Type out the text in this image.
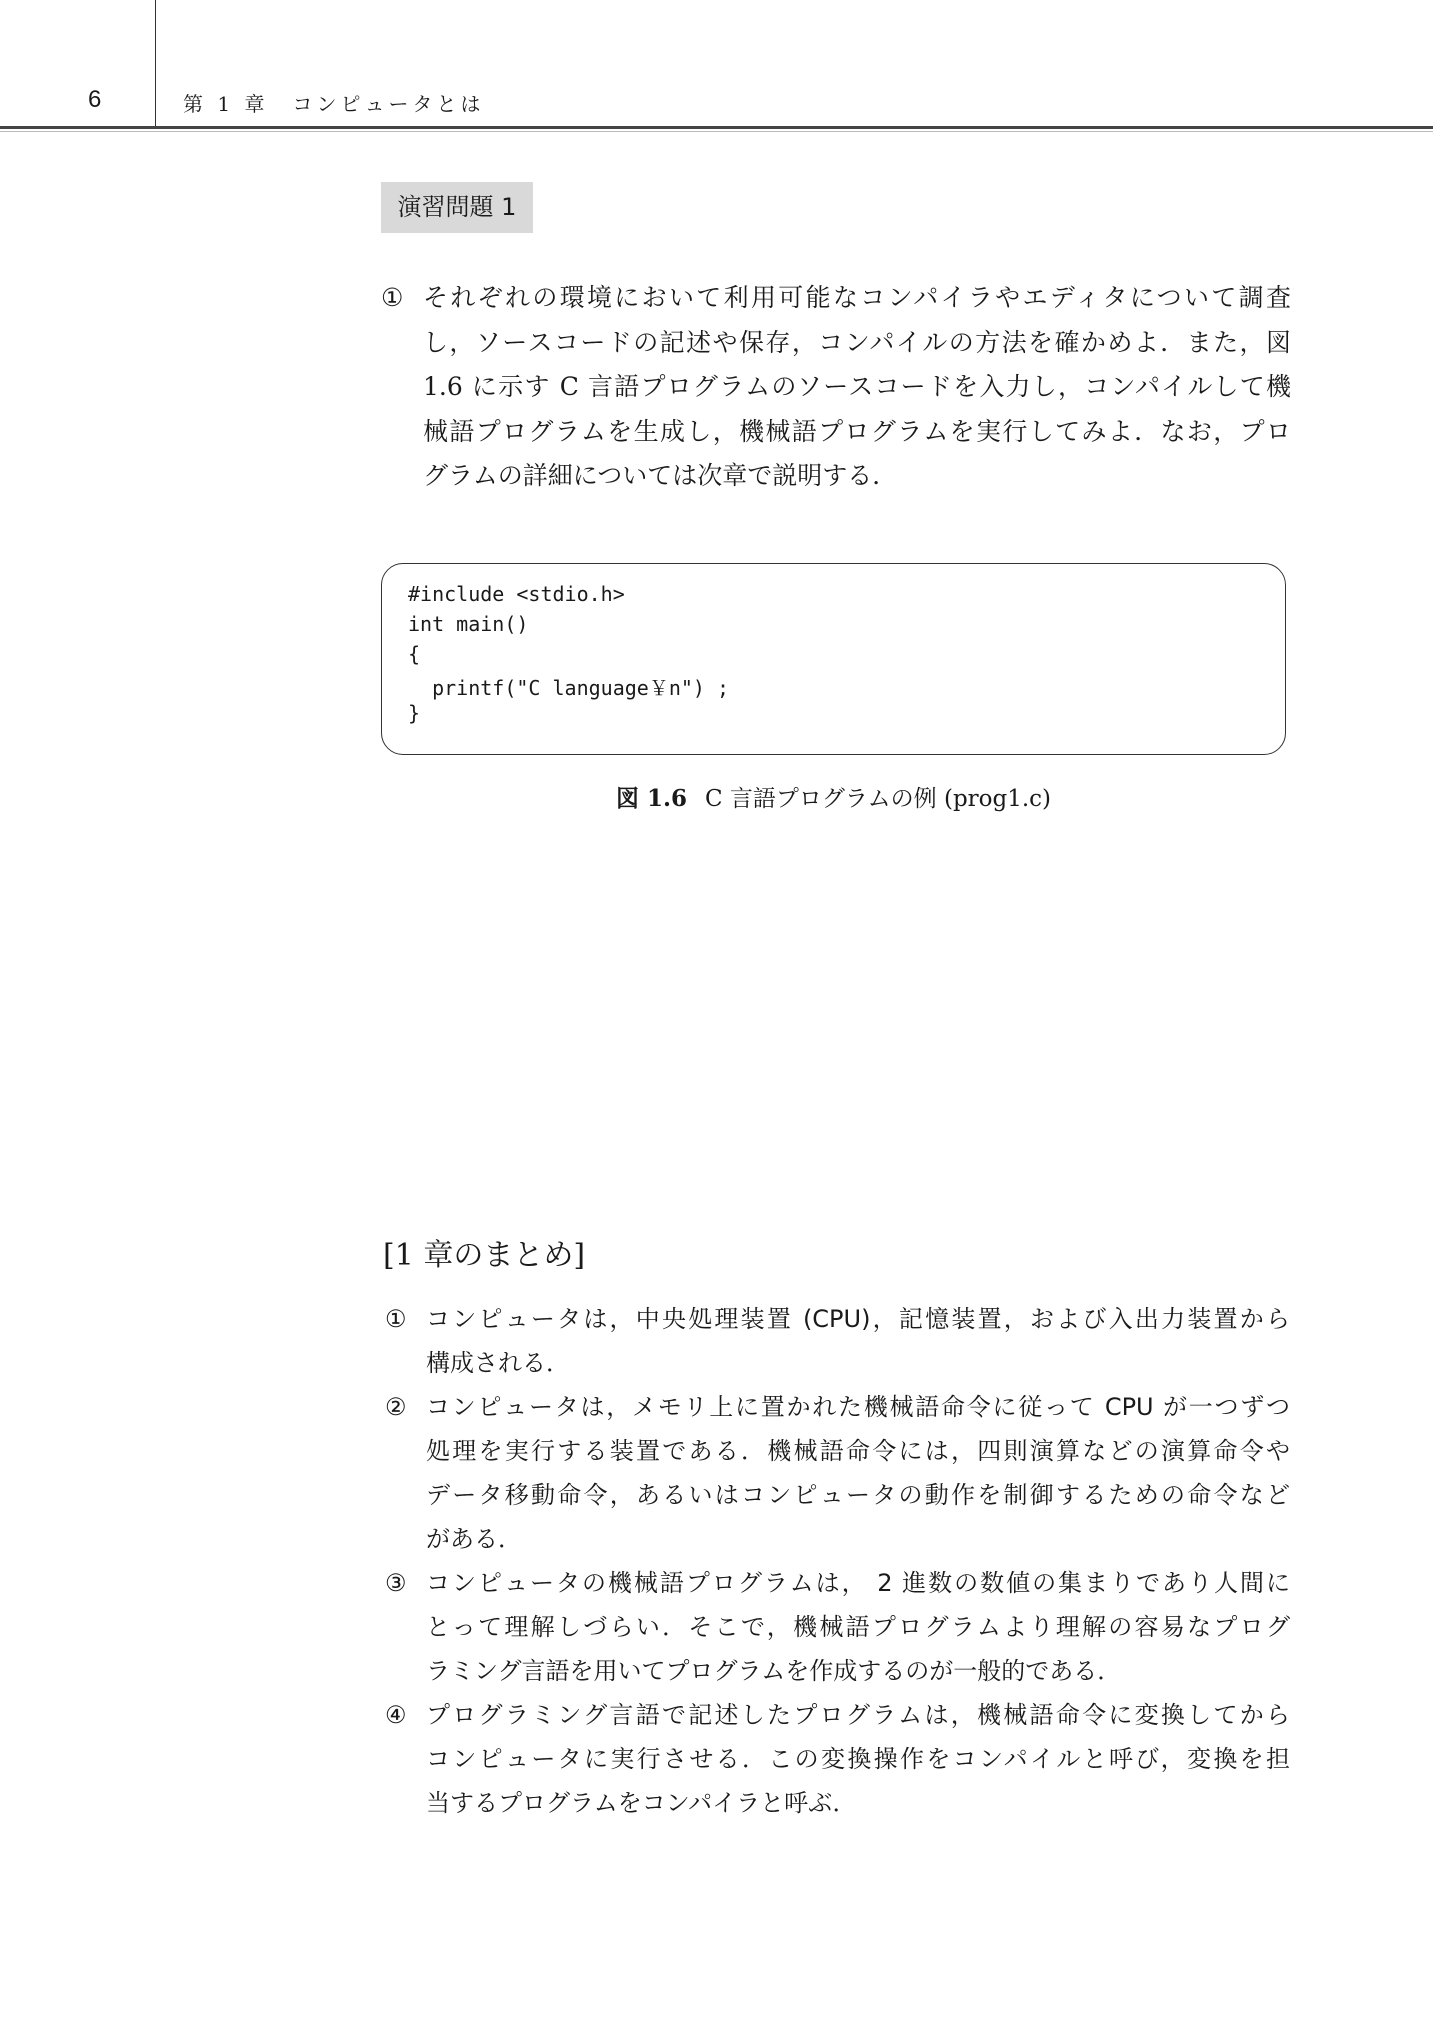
6	第 1 章　コンピュータとは
演習問題 1
① それぞれの環境において利用可能なコンパイラやエディタについて調査
し，ソースコードの記述や保存，コンパイルの方法を確かめよ．また，図
1.6 に示す C 言語プログラムのソースコードを入力し，コンパイルして機
械語プログラムを生成し，機械語プログラムを実行してみよ．なお，プロ
グラムの詳細については次章で説明する．
#include <stdio.h>
int main()
{
printf("C language￥n") ;
}
図 1.6 C 言語プログラムの例 (prog1.c)
[1 章のまとめ]
① コンピュータは，中央処理装置 (CPU)，記憶装置，および入出力装置から
構成される．
② コンピュータは，メモリ上に置かれた機械語命令に従って CPU が一つずつ
処理を実行する装置である．機械語命令には，四則演算などの演算命令や
データ移動命令，あるいはコンピュータの動作を制御するための命令など
がある．
③ コンピュータの機械語プログラムは， 2 進数の数値の集まりであり人間に
とって理解しづらい．そこで，機械語プログラムより理解の容易なプログ
ラミング言語を用いてプログラムを作成するのが一般的である．
④ プログラミング言語で記述したプログラムは，機械語命令に変換してから
コンピュータに実行させる．この変換操作をコンパイルと呼び，変換を担
当するプログラムをコンパイラと呼ぶ．
